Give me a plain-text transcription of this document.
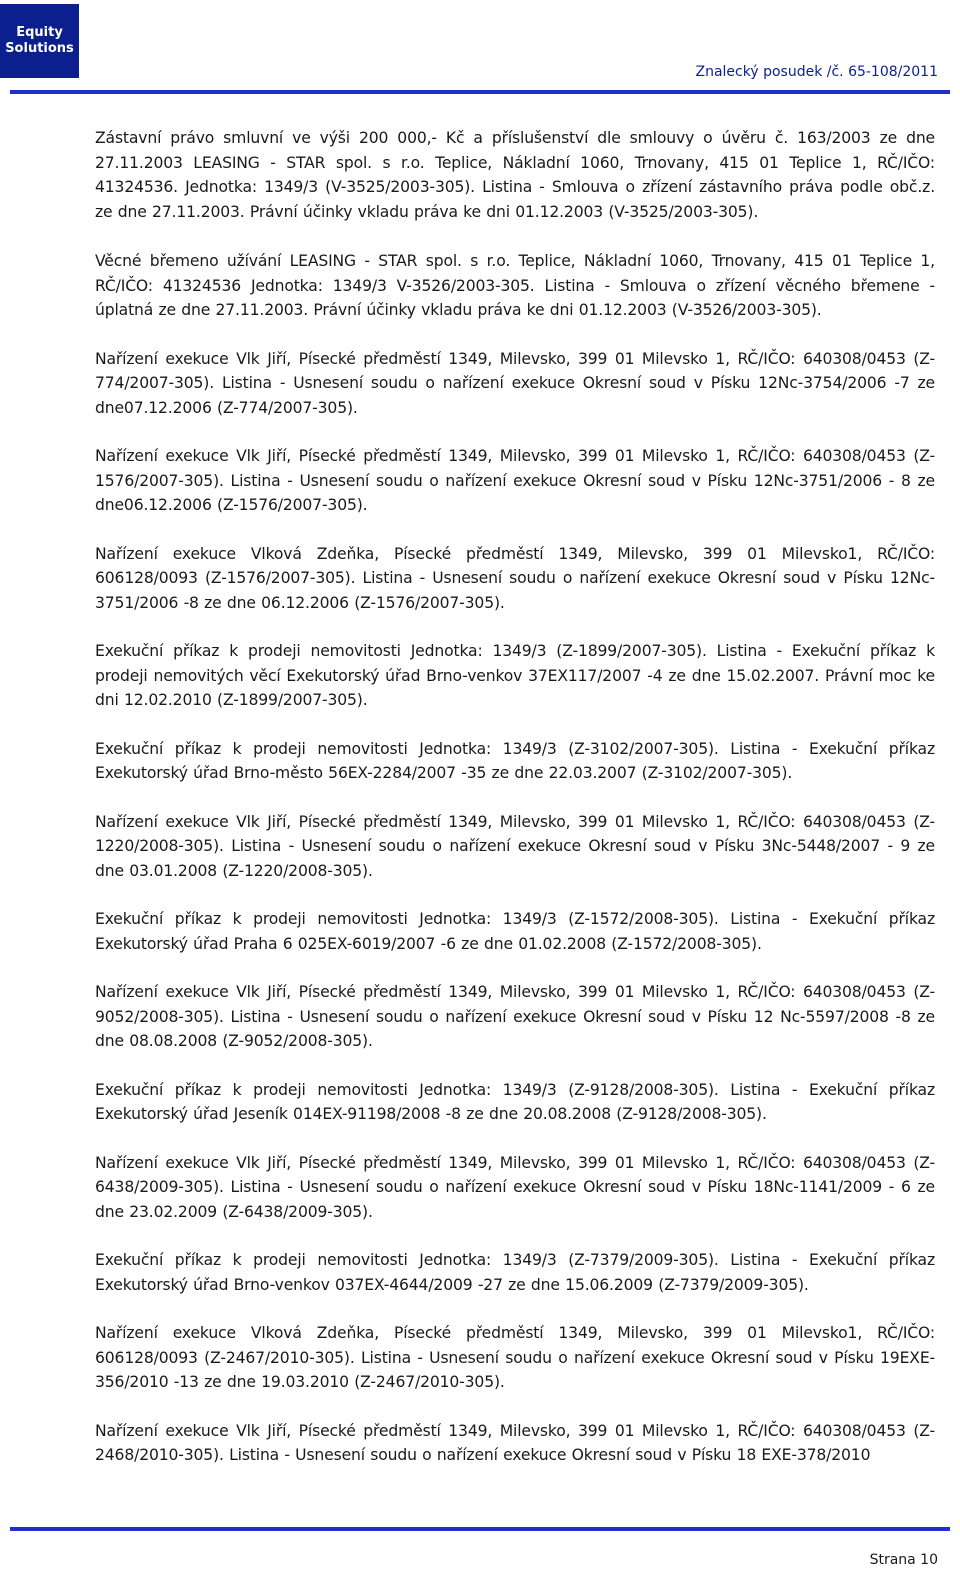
Equity
Solutions
Znalecký posudek /č. 65-108/2011

Zástavní právo smluvní ve výši 200 000,- Kč a příslušenství dle smlouvy o úvěru č. 163/2003 ze dne 27.11.2003 LEASING - STAR spol. s r.o. Teplice, Nákladní 1060, Trnovany, 415 01 Teplice 1, RČ/IČO: 41324536. Jednotka: 1349/3 (V-3525/2003-305). Listina - Smlouva o zřízení zástavního práva podle obč.z. ze dne 27.11.2003. Právní účinky vkladu práva ke dni 01.12.2003 (V-3525/2003-305).

Věcné břemeno užívání LEASING - STAR spol. s r.o. Teplice, Nákladní 1060, Trnovany, 415 01 Teplice 1, RČ/IČO: 41324536 Jednotka: 1349/3 V-3526/2003-305. Listina - Smlouva o zřízení věcného břemene - úplatná ze dne 27.11.2003. Právní účinky vkladu práva ke dni 01.12.2003 (V-3526/2003-305).

Nařízení exekuce Vlk Jiří, Písecké předměstí 1349, Milevsko, 399 01 Milevsko 1, RČ/IČO: 640308/0453 (Z-774/2007-305). Listina - Usnesení soudu o nařízení exekuce Okresní soud v Písku 12Nc-3754/2006 -7 ze dne07.12.2006 (Z-774/2007-305).

Nařízení exekuce Vlk Jiří, Písecké předměstí 1349, Milevsko, 399 01 Milevsko 1, RČ/IČO: 640308/0453 (Z-1576/2007-305). Listina - Usnesení soudu o nařízení exekuce Okresní soud v Písku 12Nc-3751/2006 - 8 ze dne06.12.2006 (Z-1576/2007-305).

Nařízení exekuce Vlková Zdeňka, Písecké předměstí 1349, Milevsko, 399 01 Milevsko1, RČ/IČO: 606128/0093 (Z-1576/2007-305). Listina - Usnesení soudu o nařízení exekuce Okresní soud v Písku 12Nc-3751/2006 -8 ze dne 06.12.2006 (Z-1576/2007-305).

Exekuční příkaz k prodeji nemovitosti Jednotka: 1349/3 (Z-1899/2007-305). Listina - Exekuční příkaz k prodeji nemovitých věcí Exekutorský úřad Brno-venkov 37EX117/2007 -4 ze dne 15.02.2007. Právní moc ke dni 12.02.2010 (Z-1899/2007-305).

Exekuční příkaz k prodeji nemovitosti Jednotka: 1349/3 (Z-3102/2007-305). Listina - Exekuční příkaz Exekutorský úřad Brno-město 56EX-2284/2007 -35 ze dne 22.03.2007 (Z-3102/2007-305).

Nařízení exekuce Vlk Jiří, Písecké předměstí 1349, Milevsko, 399 01 Milevsko 1, RČ/IČO: 640308/0453 (Z-1220/2008-305). Listina - Usnesení soudu o nařízení exekuce Okresní soud v Písku 3Nc-5448/2007 - 9 ze dne 03.01.2008 (Z-1220/2008-305).

Exekuční příkaz k prodeji nemovitosti Jednotka: 1349/3 (Z-1572/2008-305). Listina - Exekuční příkaz Exekutorský úřad Praha 6 025EX-6019/2007 -6 ze dne 01.02.2008 (Z-1572/2008-305).

Nařízení exekuce Vlk Jiří, Písecké předměstí 1349, Milevsko, 399 01 Milevsko 1, RČ/IČO: 640308/0453 (Z-9052/2008-305). Listina - Usnesení soudu o nařízení exekuce Okresní soud v Písku 12 Nc-5597/2008 -8 ze dne 08.08.2008 (Z-9052/2008-305).

Exekuční příkaz k prodeji nemovitosti Jednotka: 1349/3 (Z-9128/2008-305). Listina - Exekuční příkaz Exekutorský úřad Jeseník 014EX-91198/2008 -8 ze dne 20.08.2008 (Z-9128/2008-305).

Nařízení exekuce Vlk Jiří, Písecké předměstí 1349, Milevsko, 399 01 Milevsko 1, RČ/IČO: 640308/0453 (Z-6438/2009-305). Listina - Usnesení soudu o nařízení exekuce Okresní soud v Písku 18Nc-1141/2009 - 6 ze dne 23.02.2009 (Z-6438/2009-305).

Exekuční příkaz k prodeji nemovitosti Jednotka: 1349/3 (Z-7379/2009-305). Listina - Exekuční příkaz Exekutorský úřad Brno-venkov 037EX-4644/2009 -27 ze dne 15.06.2009 (Z-7379/2009-305).

Nařízení exekuce Vlková Zdeňka, Písecké předměstí 1349, Milevsko, 399 01 Milevsko1, RČ/IČO: 606128/0093 (Z-2467/2010-305). Listina - Usnesení soudu o nařízení exekuce Okresní soud v Písku 19EXE-356/2010 -13 ze dne 19.03.2010 (Z-2467/2010-305).

Nařízení exekuce Vlk Jiří, Písecké předměstí 1349, Milevsko, 399 01 Milevsko 1, RČ/IČO: 640308/0453 (Z-2468/2010-305). Listina - Usnesení soudu o nařízení exekuce Okresní soud v Písku 18 EXE-378/2010

Strana 10
